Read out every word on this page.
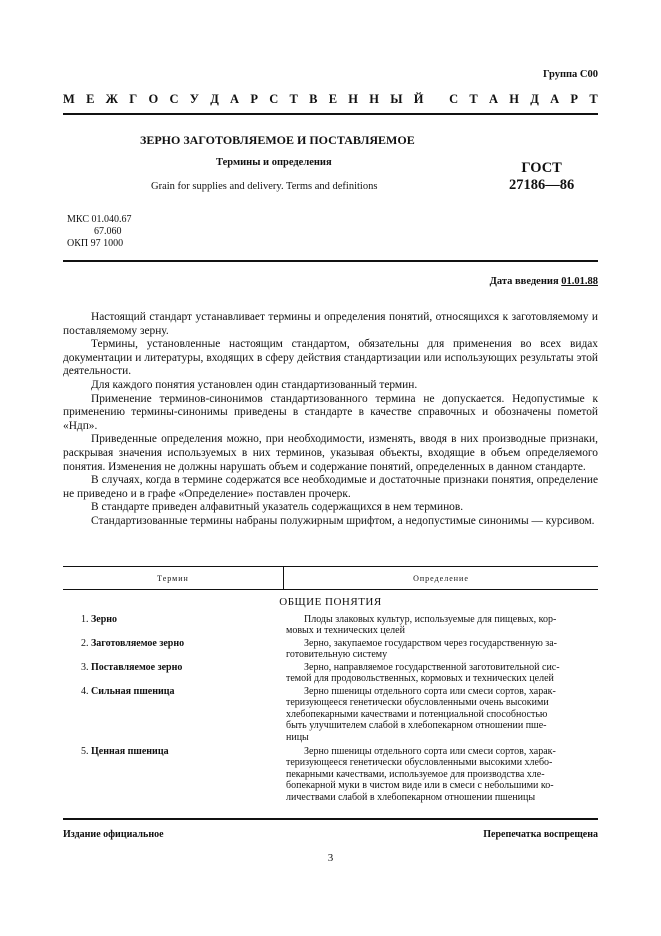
Группа С00
М Е Ж Г О С У Д А Р С Т В Е Н Н Ы Й
С Т А Н Д А Р Т
ЗЕРНО ЗАГОТОВЛЯЕМОЕ И ПОСТАВЛЯЕМОЕ
Термины и определения
Grain for supplies and delivery. Terms and definitions
ГОСТ
27186—86
МКС 01.040.67
67.060
ОКП 97 1000
Дата введения 01.01.88

Настоящий стандарт устанавливает термины и определения понятий, относящихся к заготовляемому и поставляемому зерну.

Термины, установленные настоящим стандартом, обязательны для применения во всех видах документации и литературы, входящих в сферу действия стандартизации или использующих результаты этой деятельности.

Для каждого понятия установлен один стандартизованный термин.

Применение терминов-синонимов стандартизованного термина не допускается. Недопустимые к применению термины-синонимы приведены в стандарте в качестве справочных и обозначены пометой «Ндп».

Приведенные определения можно, при необходимости, изменять, вводя в них производные признаки, раскрывая значения используемых в них терминов, указывая объекты, входящие в объем определяемого понятия. Изменения не должны нарушать объем и содержание понятий, определенных в данном стандарте.

В случаях, когда в термине содержатся все необходимые и достаточные признаки понятия, определение не приведено и в графе «Определение» поставлен прочерк.

В стандарте приведен алфавитный указатель содержащихся в нем терминов.

Стандартизованные термины набраны полужирным шрифтом, а недопустимые синонимы — курсивом.

Термин	Определение
ОБЩИЕ ПОНЯТИЯ
1. Зерно	Плоды злаковых культур, используемые для пищевых, кор-
мовых и технических целей
2. Заготовляемое зерно	Зерно, закупаемое государством через государственную за-
готовительную систему
3. Поставляемое зерно	Зерно, направляемое государственной заготовительной сис-
темой для продовольственных, кормовых и технических целей
4. Сильная пшеница	Зерно пшеницы отдельного сорта или смеси сортов, харак-
теризующееся генетически обусловленными очень высокими
хлебопекарными качествами и потенциальной способностью
быть улучшителем слабой в хлебопекарном отношении пше-
ницы
5. Ценная пшеница	Зерно пшеницы отдельного сорта или смеси сортов, харак-
теризующееся генетически обусловленными высокими хлебо-
пекарными качествами, используемое для производства хле-
бопекарной муки в чистом виде или в смеси с небольшими ко-
личествами слабой в хлебопекарном отношении пшеницы
Издание официальное	Перепечатка воспрещена
3
